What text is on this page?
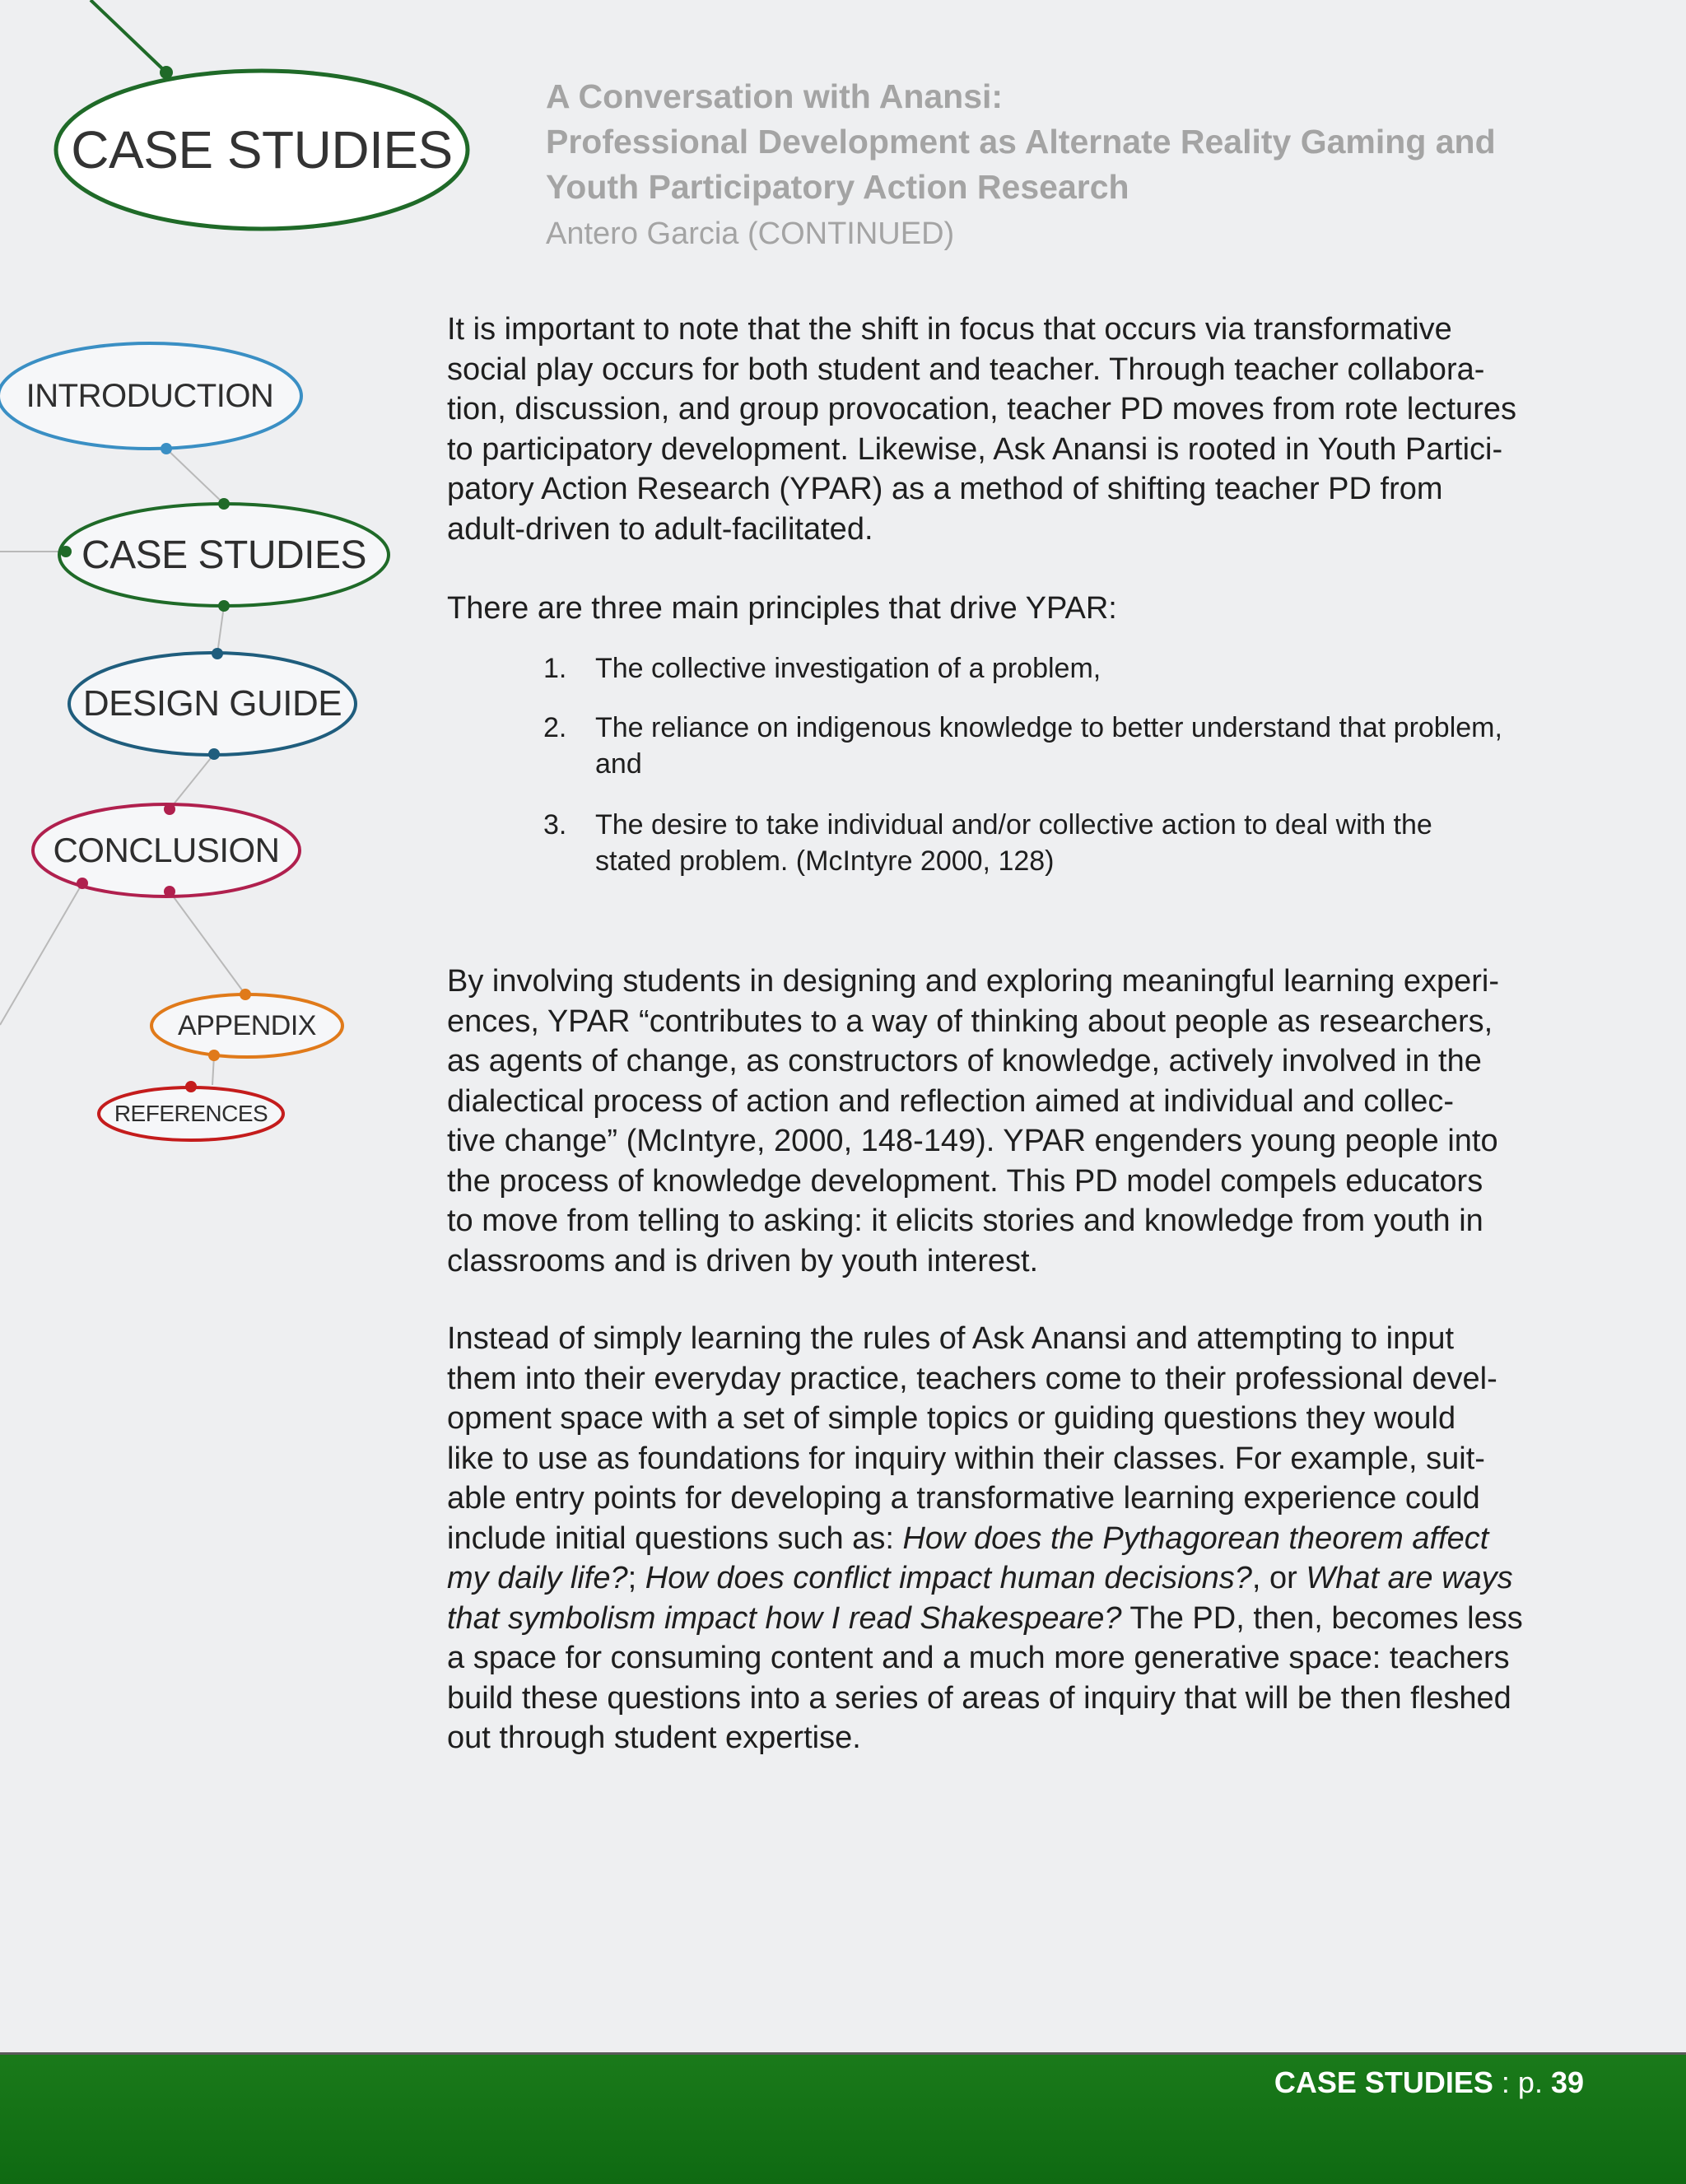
CASE STUDIES
INTRODUCTION
CASE STUDIES
DESIGN GUIDE
CONCLUSION
APPENDIX
REFERENCES
A Conversation with Anansi:
Professional Development as Alternate Reality Gaming and
Youth Participatory Action Research
Antero Garcia (CONTINUED)
It is important to note that the shift in focus that occurs via transformative
social play occurs for both student and teacher. Through teacher collabora-
tion, discussion, and group provocation, teacher PD moves from rote lectures
to participatory development. Likewise, Ask Anansi is rooted in Youth Partici-
patory Action Research (YPAR) as a method of shifting teacher PD from
adult-driven to adult-facilitated.
There are three main principles that drive YPAR:
1.	The collective investigation of a problem,
2.	The reliance on indigenous knowledge to better understand that problem,
and
3.	The desire to take individual and/or collective action to deal with the
stated problem. (McIntyre 2000, 128)
By involving students in designing and exploring meaningful learning experi-
ences, YPAR “contributes to a way of thinking about people as researchers,
as agents of change, as constructors of knowledge, actively involved in the
dialectical process of action and reflection aimed at individual and collec-
tive change” (McIntyre, 2000, 148-149). YPAR engenders young people into
the process of knowledge development. This PD model compels educators
to move from telling to asking: it elicits stories and knowledge from youth in
classrooms and is driven by youth interest.
Instead of simply learning the rules of Ask Anansi and attempting to input
them into their everyday practice, teachers come to their professional devel-
opment space with a set of simple topics or guiding questions they would
like to use as foundations for inquiry within their classes. For example, suit-
able entry points for developing a transformative learning experience could
include initial questions such as: How does the Pythagorean theorem affect
my daily life?; How does conflict impact human decisions?, or What are ways
that symbolism impact how I read Shakespeare? The PD, then, becomes less
a space for consuming content and a much more generative space: teachers
build these questions into a series of areas of inquiry that will be then fleshed
out through student expertise.
CASE STUDIES : p. 39
